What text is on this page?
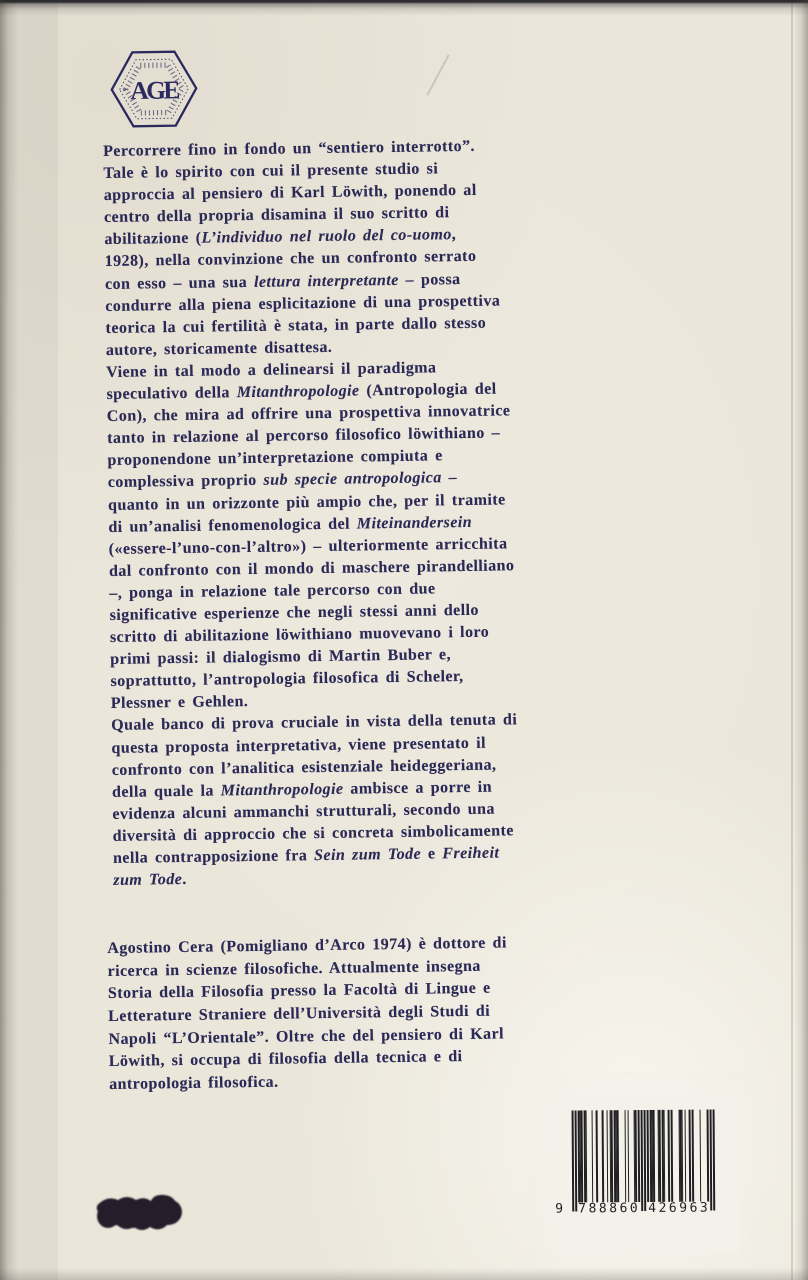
AGE
Percorrere fino in fondo un “sentiero interrotto”.
Tale è lo spirito con cui il presente studio si
approccia al pensiero di Karl Löwith, ponendo al
centro della propria disamina il suo scritto di
abilitazione (L’individuo nel ruolo del co-uomo,
1928), nella convinzione che un confronto serrato
con esso – una sua lettura interpretante – possa
condurre alla piena esplicitazione di una prospettiva
teorica la cui fertilità è stata, in parte dallo stesso
autore, storicamente disattesa.
Viene in tal modo a delinearsi il paradigma
speculativo della Mitanthropologie (Antropologia del
Con), che mira ad offrire una prospettiva innovatrice
tanto in relazione al percorso filosofico löwithiano –
proponendone un’interpretazione compiuta e
complessiva proprio sub specie antropologica –
quanto in un orizzonte più ampio che, per il tramite
di un’analisi fenomenologica del Miteinandersein
(«essere-l’uno-con-l’altro») – ulteriormente arricchita
dal confronto con il mondo di maschere pirandelliano
–, ponga in relazione tale percorso con due
significative esperienze che negli stessi anni dello
scritto di abilitazione löwithiano muovevano i loro
primi passi: il dialogismo di Martin Buber e,
soprattutto, l’antropologia filosofica di Scheler,
Plessner e Gehlen.
Quale banco di prova cruciale in vista della tenuta di
questa proposta interpretativa, viene presentato il
confronto con l’analitica esistenziale heideggeriana,
della quale la Mitanthropologie ambisce a porre in
evidenza alcuni ammanchi strutturali, secondo una
diversità di approccio che si concreta simbolicamente
nella contrapposizione fra Sein zum Tode e Freiheit
zum Tode.
Agostino Cera (Pomigliano d’Arco 1974) è dottore di
ricerca in scienze filosofiche. Attualmente insegna
Storia della Filosofia presso la Facoltà di Lingue e
Letterature Straniere dell’Università degli Studi di
Napoli “L’Orientale”. Oltre che del pensiero di Karl
Löwith, si occupa di filosofia della tecnica e di
antropologia filosofica.
9 788860 426963
